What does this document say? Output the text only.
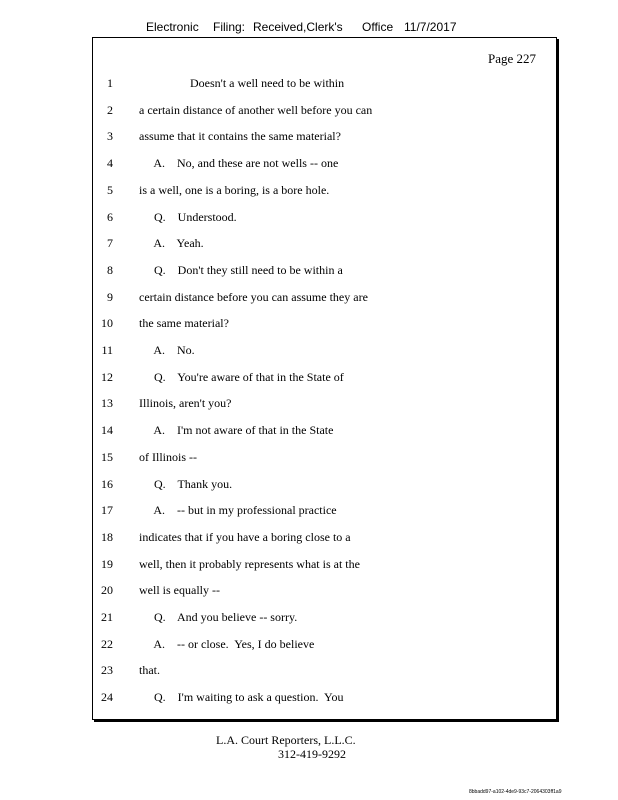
Electronic Filing: Received,Clerk's Office 11/7/2017
Page 227
1 Doesn't a well need to be within
2 a certain distance of another well before you can
3 assume that it contains the same material?
4 A.    No, and these are not wells -- one
5 is a well, one is a boring, is a bore hole.
6 Q.    Understood.
7 A.    Yeah.
8 Q.    Don't they still need to be within a
9 certain distance before you can assume they are
10 the same material?
11 A.    No.
12 Q.    You're aware of that in the State of
13 Illinois, aren't you?
14 A.    I'm not aware of that in the State
15 of Illinois --
16 Q.    Thank you.
17 A.    -- but in my professional practice
18 indicates that if you have a boring close to a
19 well, then it probably represents what is at the
20 well is equally --
21 Q.    And you believe -- sorry.
22 A.    -- or close.  Yes, I do believe
23 that.
24 Q.    I'm waiting to ask a question.  You
L.A. Court Reporters, L.L.C.
312-419-9292
8bbadd97-a102-4de9-93c7-2064303ff1a9
